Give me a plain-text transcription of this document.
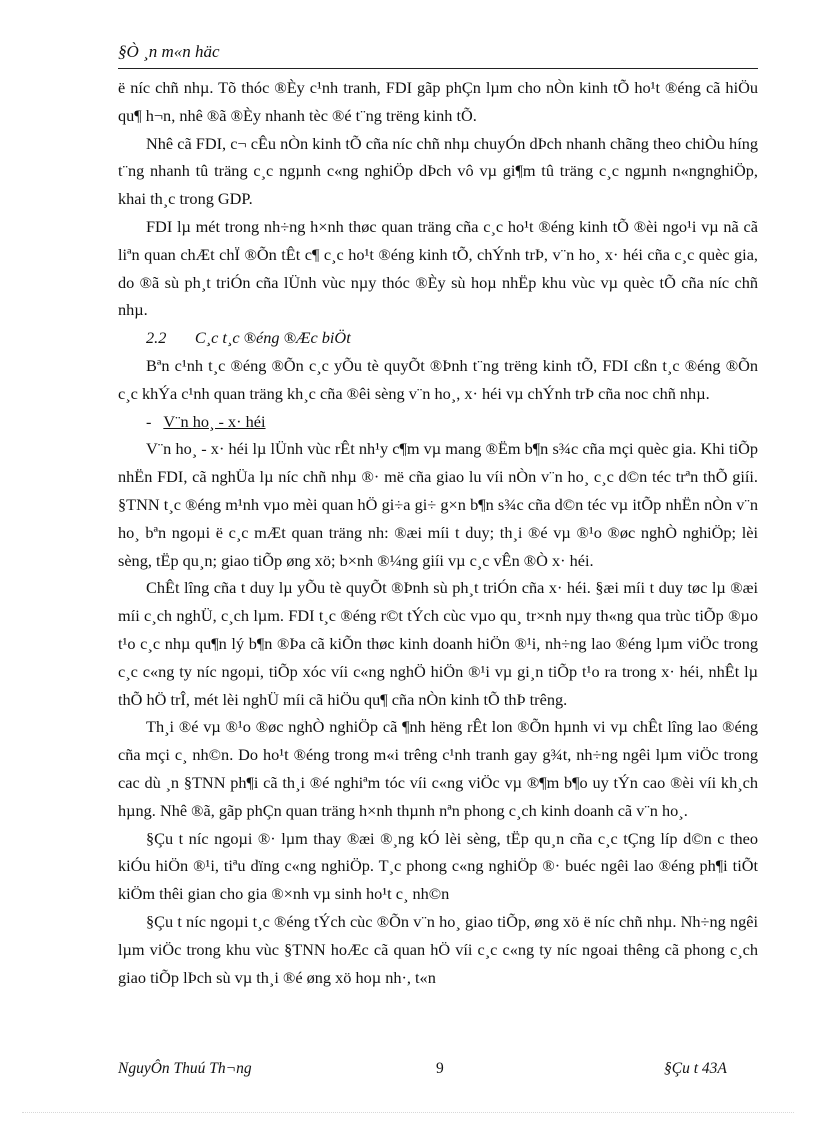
§Ò ¸n m«n häc

ë níc chñ nhµ. Tõ thóc ®Èy c¹nh tranh, FDI gãp phÇn lµm cho nÒn kinh tÕ ho¹t ®éng cã hiÖu qu¶ h¬n, nhê ®ã ®Èy nhanh tèc ®é t¨ng trëng kinh tÕ.

Nhê cã FDI, c¬ cÊu nÒn kinh tÕ cña níc chñ nhµ chuyÓn dÞch nhanh chãng theo chiÒu híng t¨ng nhanh tû träng c¸c ngµnh c«ng nghiÖp dÞch vô vµ gi¶m tû träng c¸c ngµnh n«ngnghiÖp, khai th¸c trong GDP.

FDI lµ mét trong nh÷ng h×nh thøc quan träng cña c¸c ho¹t ®éng kinh tÕ ®èi ngo¹i vµ nã cã liªn quan chÆt chÏ ®Õn tÊt c¶ c¸c ho¹t ®éng kinh tÕ, chÝnh trÞ, v¨n ho¸ x· héi cña c¸c quèc gia, do ®ã sù ph¸t triÓn cña lÜnh vùc nµy thóc ®Èy sù hoµ nhËp khu vùc vµ quèc tÕ cña níc chñ nhµ.

2.2 C¸c t¸c ®éng ®Æc biÖt

Bªn c¹nh t¸c ®éng ®Õn c¸c yÕu tè quyÕt ®Þnh t¨ng trëng kinh tÕ, FDI cßn t¸c ®éng ®Õn c¸c khÝa c¹nh quan träng kh¸c cña ®êi sèng v¨n ho¸, x· héi vµ chÝnh trÞ cña noc chñ nhµ.

- V¨n ho¸ - x· héi

V¨n ho¸ - x· héi lµ lÜnh vùc rÊt nh¹y c¶m vµ mang ®Ëm b¶n s¾c cña mçi quèc gia. Khi tiÕp nhËn FDI, cã nghÜa lµ níc chñ nhµ ®· më cña giao lu víi nÒn v¨n ho¸ c¸c d©n téc trªn thÕ giíi. §TNN t¸c ®éng m¹nh vµo mèi quan hÖ gi÷a gi÷ g×n b¶n s¾c cña d©n téc vµ itÕp nhËn nÒn v¨n ho¸ bªn ngoµi ë c¸c mÆt quan träng nh: ®æi míi t duy; th¸i ®é vµ ®¹o ®øc nghÒ nghiÖp; lèi sèng, tËp qu¸n; giao tiÕp øng xö; b×nh ®¼ng giíi vµ c¸c vÊn ®Ò x· héi.

ChÊt lîng cña t duy lµ yÕu tè quyÕt ®Þnh sù ph¸t triÓn cña x· héi. §æi míi t duy tøc lµ ®æi míi c¸ch nghÜ, c¸ch lµm. FDI t¸c ®éng r©t tÝch cùc vµo qu¸ tr×nh nµy th«ng qua trùc tiÕp ®µo t¹o c¸c nhµ qu¶n lý b¶n ®Þa cã kiÕn thøc kinh doanh hiÖn ®¹i, nh÷ng lao ®éng lµm viÖc trong c¸c c«ng ty níc ngoµi, tiÕp xóc víi c«ng nghÖ hiÖn ®¹i vµ gi¸n tiÕp t¹o ra trong x· héi, nhÊt lµ thÕ hÖ trÎ, mét lèi nghÜ míi cã hiÖu qu¶ cña nÒn kinh tÕ thÞ trêng.

Th¸i ®é vµ ®¹o ®øc nghÒ nghiÖp cã ¶nh hëng rÊt lon ®Õn hµnh vi vµ chÊt lîng lao ®éng cña mçi c¸ nh©n. Do ho¹t ®éng trong m«i trêng c¹nh tranh gay g¾t, nh÷ng ngêi lµm viÖc trong cac dù ¸n §TNN ph¶i cã th¸i ®é nghiªm tóc víi c«ng viÖc vµ ®¶m b¶o uy tÝn cao ®èi víi kh¸ch hµng. Nhê ®ã, gãp phÇn quan träng h×nh thµnh nªn phong c¸ch kinh doanh cã v¨n ho¸.

§Çu t níc ngoµi ®· lµm thay ®æi ®¸ng kÓ lèi sèng, tËp qu¸n cña c¸c tÇng líp d©n c theo kiÓu hiÖn ®¹i, tiªu dïng c«ng nghiÖp. T¸c phong c«ng nghiÖp ®· buéc ngêi lao ®éng ph¶i tiÕt kiÖm thêi gian cho gia ®×nh vµ sinh ho¹t c¸ nh©n

§Çu t níc ngoµi t¸c ®éng tÝch cùc ®Õn v¨n ho¸ giao tiÕp, øng xö ë níc chñ nhµ. Nh÷ng ngêi lµm viÖc trong khu vùc §TNN hoÆc cã quan hÖ víi c¸c c«ng ty níc ngoai thêng cã phong c¸ch giao tiÕp lÞch sù vµ th¸i ®é øng xö hoµ nh·, t«n

NguyÔn Thuú Th¬ng	9	§Çu t 43A
